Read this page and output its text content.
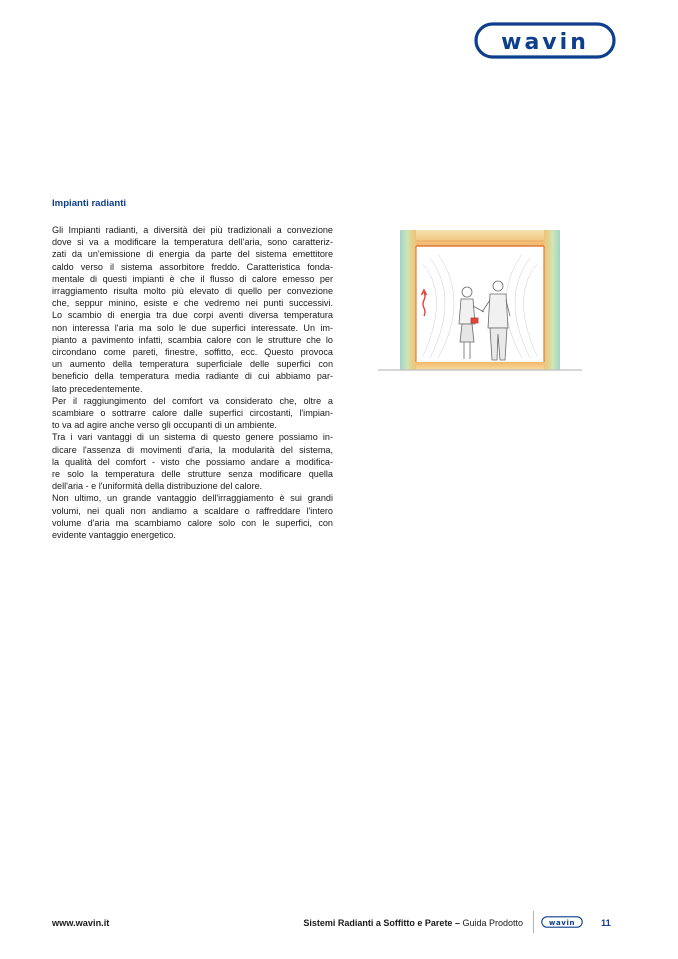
wavin
Impianti radianti
Gli Impianti radianti, a diversità dei più tradizionali a convezione
dove si va a modificare la temperatura dell'aria, sono caratteriz-
zati da un'emissione di energia da parte del sistema emettitore
caldo verso il sistema assorbitore freddo. Caratteristica fonda-
mentale di questi impianti è che il flusso di calore emesso per
irraggiamento risulta molto più elevato di quello per convezione
che, seppur minino, esiste e che vedremo nei punti successivi.
Lo scambio di energia tra due corpi aventi diversa temperatura
non interessa l'aria ma solo le due superfici interessate. Un im-
pianto a pavimento infatti, scambia calore con le strutture che lo
circondano come pareti, finestre, soffitto, ecc. Questo provoca
un aumento della temperatura superficiale delle superfici con
beneficio della temperatura media radiante di cui abbiamo par-
lato precedentemente.
Per il raggiungimento del comfort va considerato che, oltre a
scambiare o sottrarre calore dalle superfici circostanti, l'impian-
to va ad agire anche verso gli occupanti di un ambiente.
Tra i vari vantaggi di un sistema di questo genere possiamo in-
dicare l'assenza di movimenti d'aria, la modularità del sistema,
la qualità del comfort - visto che possiamo andare a modifica-
re solo la temperatura delle strutture senza modificare quella
dell'aria - e l'uniformità della distribuzione del calore.
Non ultimo, un grande vantaggio dell'irraggiamento è sui grandi
volumi, nei quali non andiamo a scaldare o raffreddare l'intero
volume d'aria ma scambiamo calore solo con le superfici, con
evidente vantaggio energetico.
www.wavin.it	Sistemi Radianti a Soffitto e Parete – Guida Prodotto	wavin	11
